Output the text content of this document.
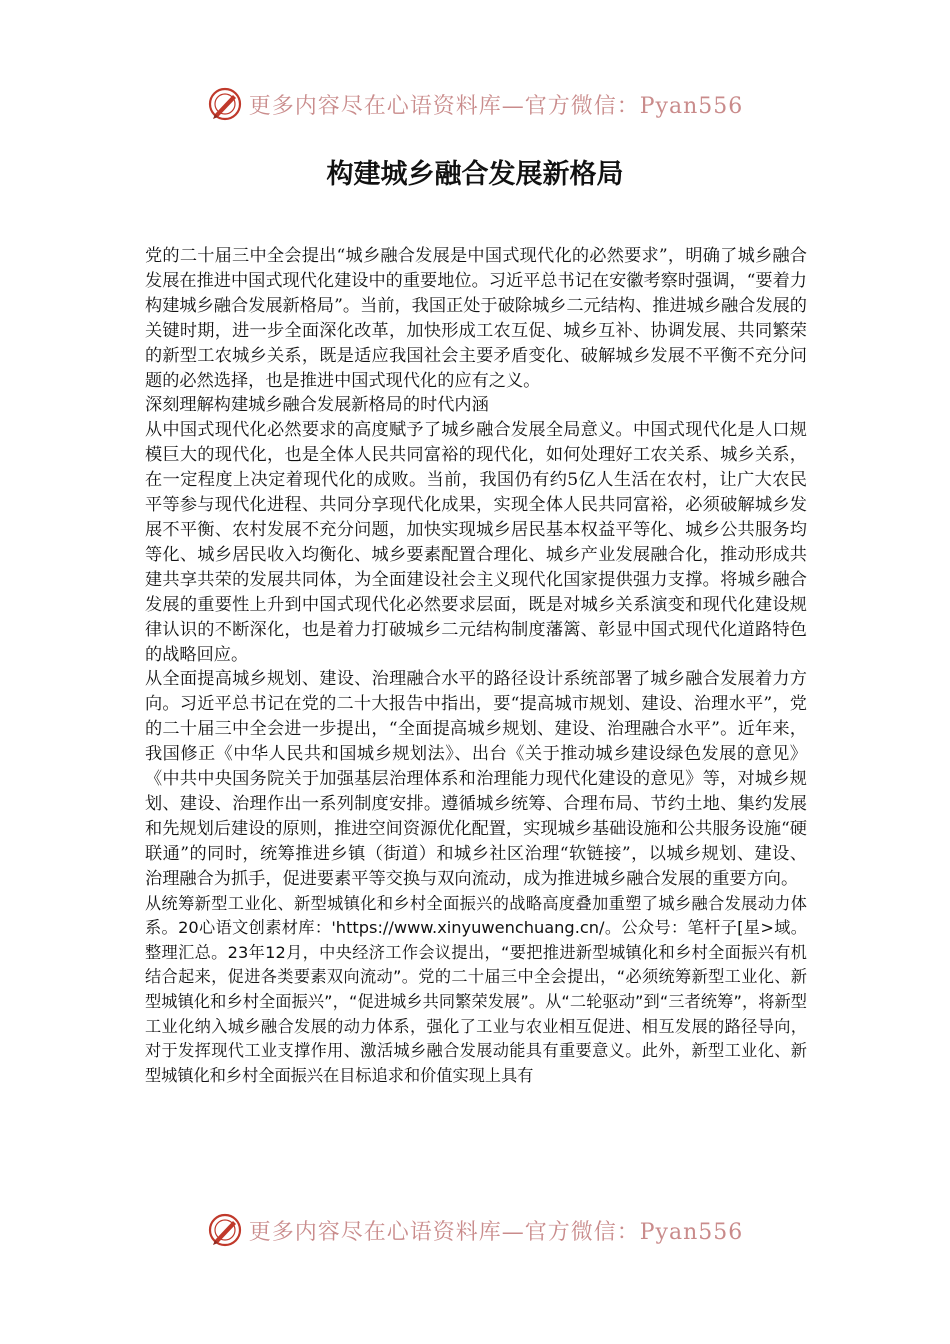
更多内容尽在心语资料库—官方微信：Pyan556
构建城乡融合发展新格局

党的二十届三中全会提出“城乡融合发展是中国式现代化的必然要求”，明确了城乡融合发展在推进中国式现代化建设中的重要地位。习近平总书记在安徽考察时强调，“要着力构建城乡融合发展新格局”。当前，我国正处于破除城乡二元结构、推进城乡融合发展的关键时期，进一步全面深化改革，加快形成工农互促、城乡互补、协调发展、共同繁荣的新型工农城乡关系，既是适应我国社会主要矛盾变化、破解城乡发展不平衡不充分问题的必然选择，也是推进中国式现代化的应有之义。

深刻理解构建城乡融合发展新格局的时代内涵

从中国式现代化必然要求的高度赋予了城乡融合发展全局意义。中国式现代化是人口规模巨大的现代化，也是全体人民共同富裕的现代化，如何处理好工农关系、城乡关系，在一定程度上决定着现代化的成败。当前，我国仍有约5亿人生活在农村，让广大农民平等参与现代化进程、共同分享现代化成果，实现全体人民共同富裕，必须破解城乡发展不平衡、农村发展不充分问题，加快实现城乡居民基本权益平等化、城乡公共服务均等化、城乡居民收入均衡化、城乡要素配置合理化、城乡产业发展融合化，推动形成共建共享共荣的发展共同体，为全面建设社会主义现代化国家提供强力支撑。将城乡融合发展的重要性上升到中国式现代化必然要求层面，既是对城乡关系演变和现代化建设规律认识的不断深化，也是着力打破城乡二元结构制度藩篱、彰显中国式现代化道路特色的战略回应。

从全面提高城乡规划、建设、治理融合水平的路径设计系统部署了城乡融合发展着力方向。习近平总书记在党的二十大报告中指出，要“提高城市规划、建设、治理水平”，党的二十届三中全会进一步提出，“全面提高城乡规划、建设、治理融合水平”。近年来，我国修正《中华人民共和国城乡规划法》、出台《关于推动城乡建设绿色发展的意见》《中共中央国务院关于加强基层治理体系和治理能力现代化建设的意见》等，对城乡规划、建设、治理作出一系列制度安排。遵循城乡统筹、合理布局、节约土地、集约发展和先规划后建设的原则，推进空间资源优化配置，实现城乡基础设施和公共服务设施“硬联通”的同时，统筹推进乡镇（街道）和城乡社区治理“软链接”，以城乡规划、建设、治理融合为抓手，促进要素平等交换与双向流动，成为推进城乡融合发展的重要方向。

从统筹新型工业化、新型城镇化和乡村全面振兴的战略高度叠加重塑了城乡融合发展动力体系。20心语文创素材库：'https://www.xinyuwenchuang.cn/。公众号：笔杆子[星>域。整理汇总。23年12月，中央经济工作会议提出，“要把推进新型城镇化和乡村全面振兴有机结合起来，促进各类要素双向流动”。党的二十届三中全会提出，“必须统筹新型工业化、新型城镇化和乡村全面振兴”，“促进城乡共同繁荣发展”。从“二轮驱动”到“三者统筹”，将新型工业化纳入城乡融合发展的动力体系，强化了工业与农业相互促进、相互发展的路径导向，对于发挥现代工业支撑作用、激活城乡融合发展动能具有重要意义。此外，新型工业化、新型城镇化和乡村全面振兴在目标追求和价值实现上具有

更多内容尽在心语资料库—官方微信：Pyan556
